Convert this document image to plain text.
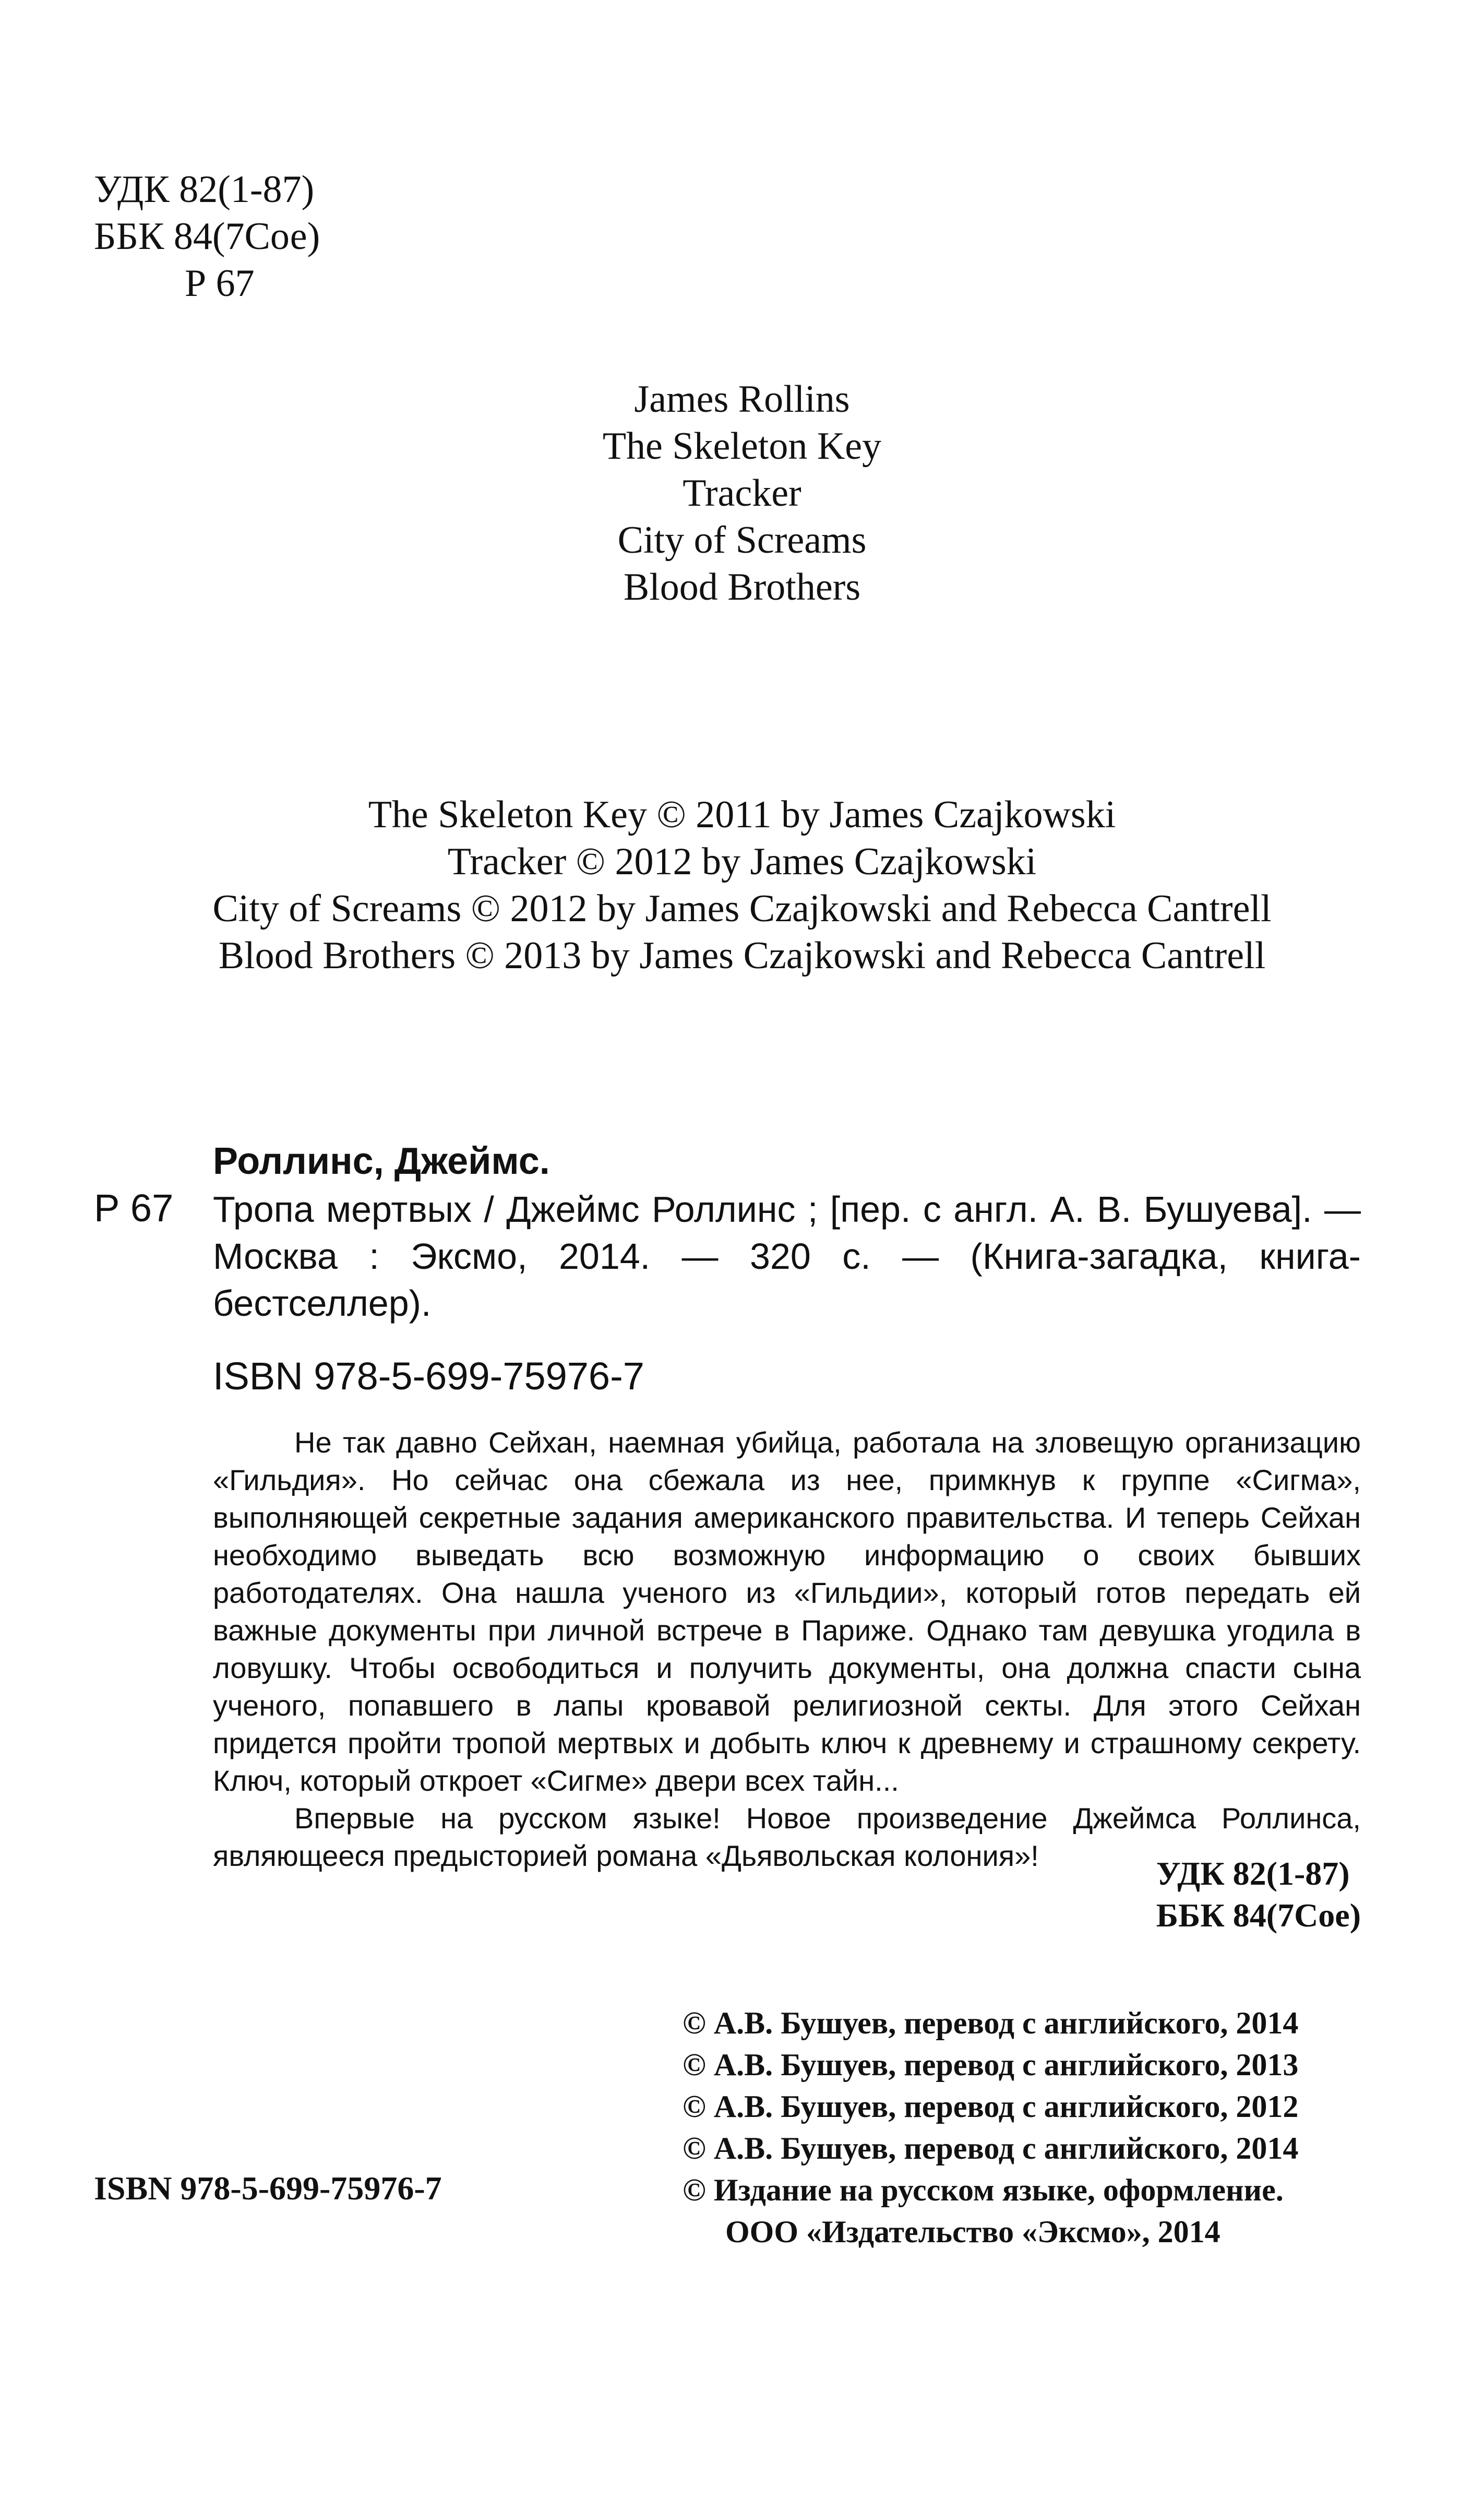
УДК 82(1-87)
ББК 84(7Сое)
Р 67
James Rollins
The Skeleton Key
Tracker
City of Screams
Blood Brothers
The Skeleton Key © 2011 by James Czajkowski
Tracker © 2012 by James Czajkowski
City of Screams © 2012 by James Czajkowski and Rebecca Cantrell
Blood Brothers © 2013 by James Czajkowski and Rebecca Cantrell
Роллинс, Джеймс.
Р 67 Тропа мертвых / Джеймс Роллинс ; [пер. с англ. А. В. Бушуева]. — Москва : Эксмо, 2014. — 320 с. — (Книга-загадка, книга-бестселлер).
ISBN 978-5-699-75976-7

Не так давно Сейхан, наемная убийца, работала на зловещую организацию «Гильдия». Но сейчас она сбежала из нее, примкнув к группе «Сигма», выполняющей секретные задания американского правительства. И теперь Сейхан необходимо выведать всю возможную информацию о своих бывших работодателях. Она нашла ученого из «Гильдии», который готов передать ей важные документы при личной встрече в Париже. Однако там девушка угодила в ловушку. Чтобы освободиться и получить документы, она должна спасти сына ученого, попавшего в лапы кровавой религиозной секты. Для этого Сейхан придется пройти тропой мертвых и добыть ключ к древнему и страшному секрету. Ключ, который откроет «Сигме» двери всех тайн...

Впервые на русском языке! Новое произведение Джеймса Роллинса, являющееся предысторией романа «Дьявольская колония»!	УДК 82(1-87)
ББК 84(7Сое)
© А.В. Бушуев, перевод с английского, 2014
© А.В. Бушуев, перевод с английского, 2013
© А.В. Бушуев, перевод с английского, 2012
© А.В. Бушуев, перевод с английского, 2014
© Издание на русском языке, оформление.
ООО «Издательство «Эксмо», 2014
ISBN 978-5-699-75976-7
